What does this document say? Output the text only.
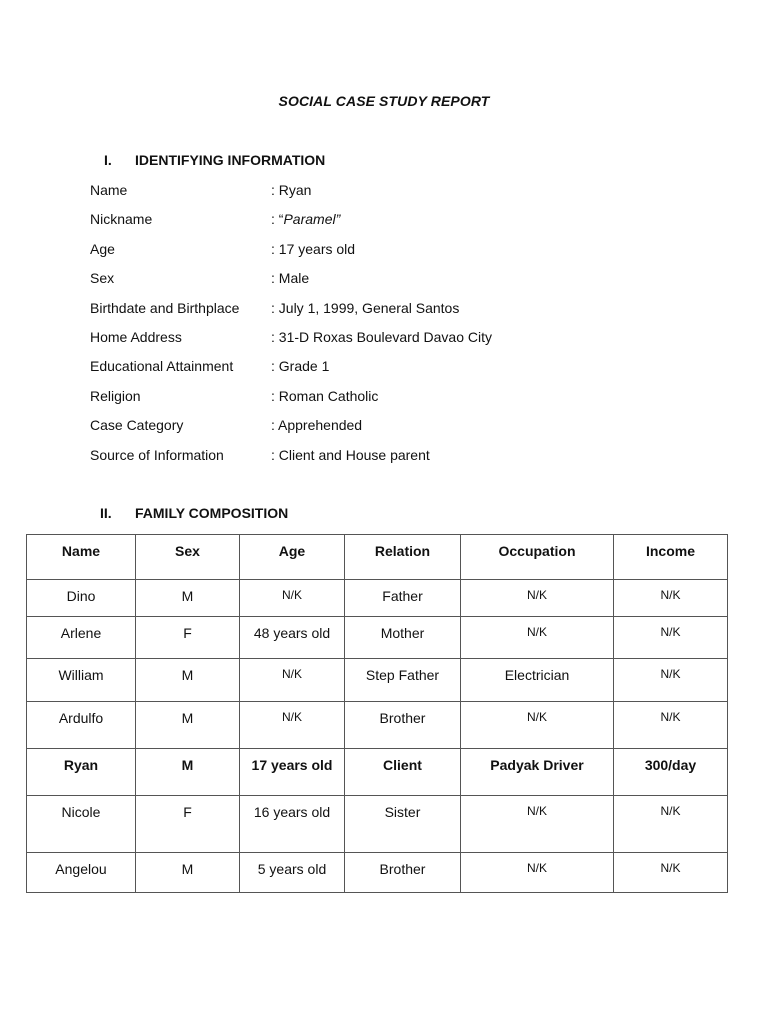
SOCIAL CASE STUDY REPORT
I. IDENTIFYING INFORMATION
Name	: Ryan
Nickname	: “Paramel”
Age	: 17 years old
Sex	: Male
Birthdate and Birthplace : July 1, 1999, General Santos
Home Address	: 31-D Roxas Boulevard Davao City
Educational Attainment	: Grade 1
Religion	: Roman Catholic
Case Category	: Apprehended
Source of Information	: Client and House parent
II. FAMILY COMPOSITION
Name	Sex	Age	Relation	Occupation	Income
Dino	M	N/K	Father	N/K	N/K
Arlene	F	48 years old	Mother	N/K	N/K
William	M	N/K	Step Father	Electrician	N/K
Ardulfo	M	N/K	Brother	N/K	N/K
Ryan	M	17 years old	Client	Padyak Driver	300/day
Nicole	F	16 years old	Sister	N/K	N/K
Angelou	M	5 years old	Brother	N/K	N/K
